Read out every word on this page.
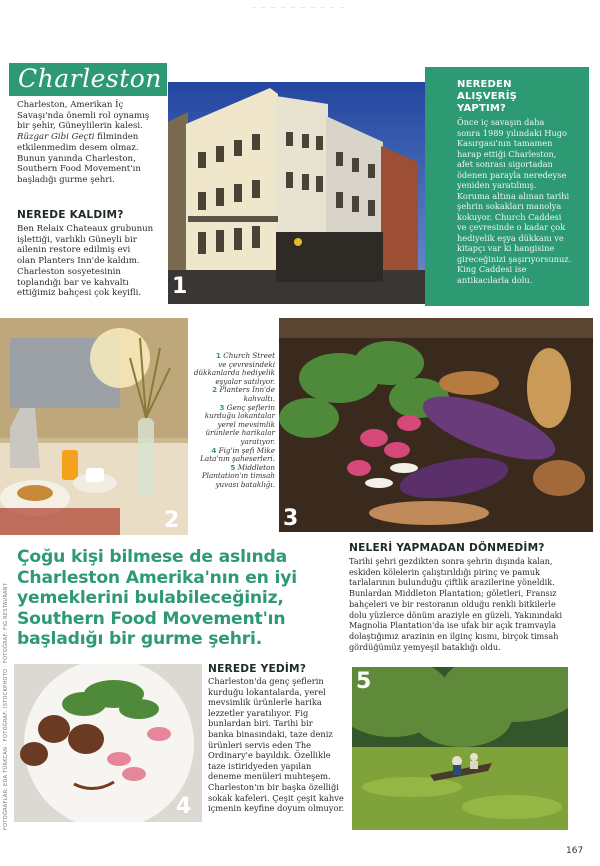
~~~~~~~~~~
Charleston
Charleston, Amerikan İç
Savaşı'nda önemli rol oynamış
bir şehir, Güneylilerin kalesi.
Rüzgar Gibi Geçti filminden
etkilenmedim desem olmaz.
Bunun yanında Charleston,
Southern Food Movement'ın
başladığı gurme şehri.
NEREDE KALDIM?
Ben Relaix Chateaux grubunun
işlettiği, varlıklı Güneyli bir
ailenin restore edilmiş evi
olan Planters Inn'de kaldım.
Charleston sosyetesinin
toplandığı bar ve kahvaltı
ettiğimiz bahçesi çok keyifli.	1
NEREDEN
ALIŞVERİŞ
YAPTIM?
Önce iç savaşın daha
sonra 1989 yılındaki Hugo
Kasırgası'nın tamamen
harap ettiği Charleston,
afet sonrası sigortadan
ödenen parayla neredeyse
yeniden yaratılmış.
Koruma altına alınan tarihi
şehrin sokakları manolya
kokuyor. Church Caddesi
ve çevresinde o kadar çok
hediyelik eşya dükkanı ve
kitapçı var ki hangisine
gireceğinizi şaşırıyorsunuz.
King Caddesi ise
antikacılarla dolu.
2
1 Church Street
ve çevresindeki
dükkanlarda hediyelik
eşyalar satılıyor.
2 Planters Inn'de
kahvaltı.
3 Genç şeflerin
kurduğu lokantalar
yerel mevsimlik
ürünlerle harikalar
yaratıyor.
4 Fig'in şefi Mike
Lata'nın şaheserleri.
5 Middleton
Plantation'ın timsah
yuvası bataklığı.
3
Çoğu kişi bilmese de aslında
Charleston Amerika'nın en iyi
yemeklerini bulabileceğiniz,
Southern Food Movement'ın
başladığı bir gurme şehri.
NELERİ YAPMADAN DÖNMEDİM?
Tarihi şehri gezdikten sonra şehrin dışında kalan,
eskiden kölelerin çalıştırıldığı pirinç ve pamuk
tarlalarının bulunduğu çiftlik arazilerine yöneldik.
Bunlardan Middleton Plantation; göletleri, Fransız
bahçeleri ve bir restoranın olduğu renkli bitkilerle
dolu yüzlerce dönüm araziyle en güzeli. Yakınındaki
Magnolia Plantation'da ise ufak bir açık tramvayla
dolaştığımız arazinin en ilginç kısmı, birçok timsah
gördüğümüz yemyeşil bataklığı oldu.
4
NEREDE YEDİM?
Charleston'da genç şeflerin
kurduğu lokantalarda, yerel
mevsimlik ürünlerle harika
lezzetler yaratılıyor. Fig
bunlardan biri. Tarihi bir
banka binasındaki, taze deniz
ürünleri servis eden The
Ordinary'e bayıldık. Özellikle
taze istiridyeden yapılan
deneme menüleri muhteşem.
Charleston'ın bir başka özelliği
sokak kafeleri. Çeşit çeşit kahve
içmenin keyfine doyum olmuyor.
5
FOTOĞRAFLAR: EDA TÜRKCAN · FOTOĞRAF: ISTOCKPHOTO · FOTOĞRAF: FIG RESTAURANT
167
